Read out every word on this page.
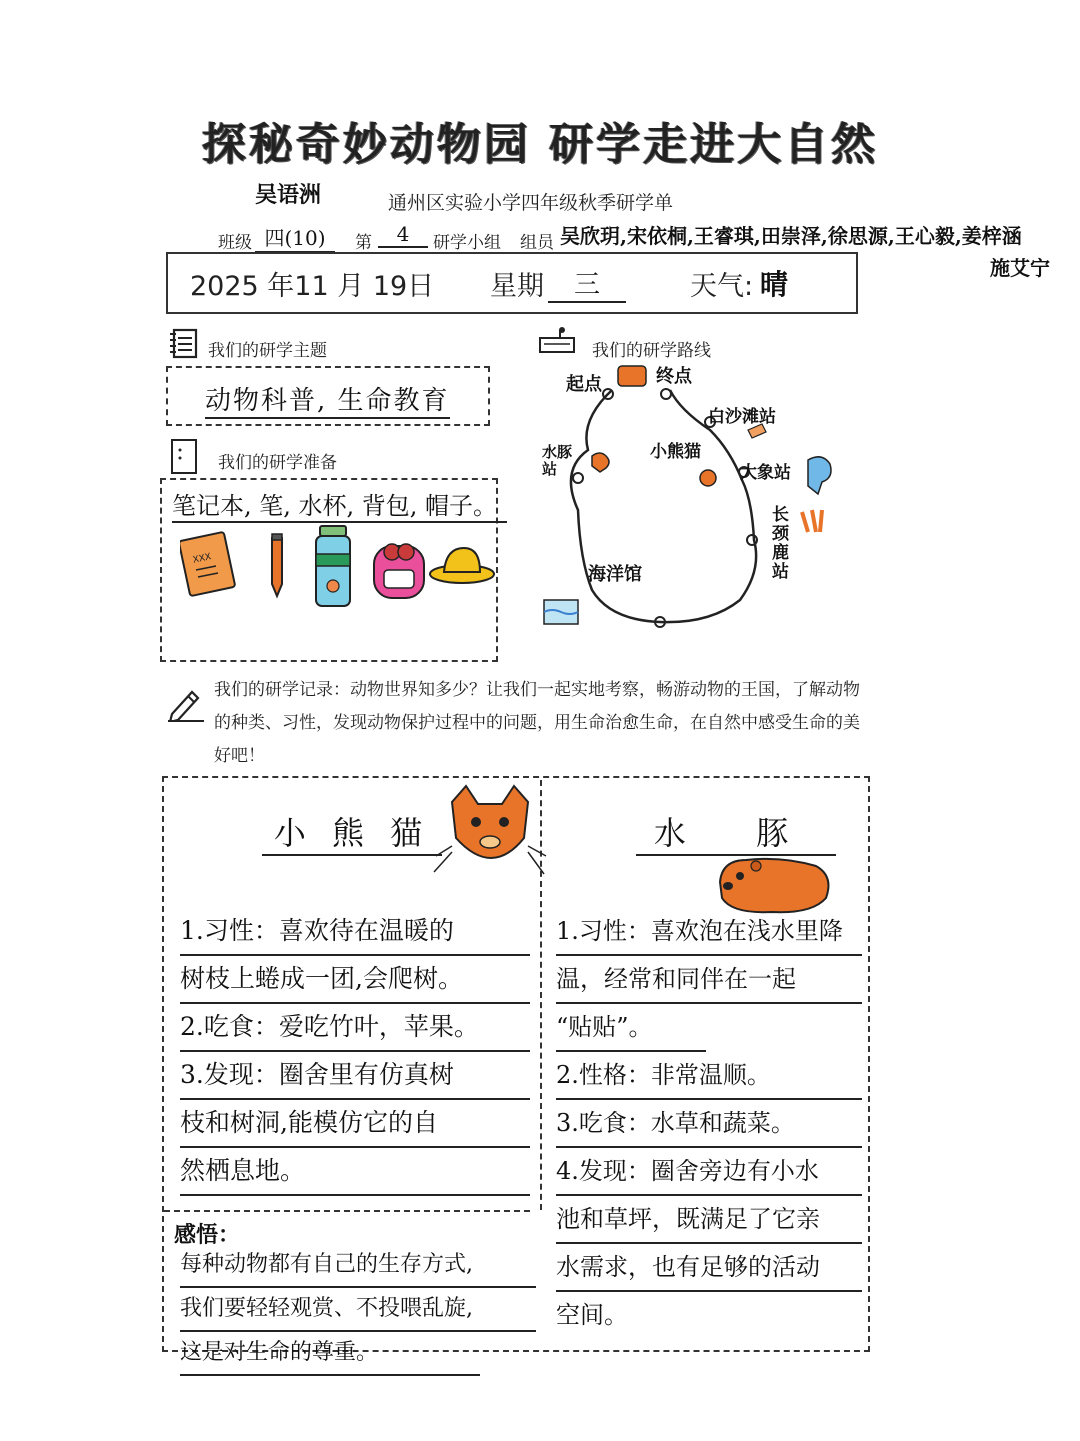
探秘奇妙动物园 研学走进大自然
吴语洲	通州区实验小学四年级秋季研学单
班级 四(10)	第	4	研学小组 组员 吴欣玥,宋依桐,王睿琪,田崇泽,徐思源,王心毅,姜梓涵
施艾宁
2025 年11 月 19日 星期	三	天气: 晴
我们的研学主题
动物科普, 生命教育
我们的研学准备
笔记本, 笔, 水杯, 背包, 帽子。
XXX
我们的研学路线
起点	终点
白沙滩站
小熊猫
大象站
长颈鹿站
水豚站
海洋馆
我们的研学记录：动物世界知多少？让我们一起实地考察，畅游动物的王国，了解动物的种类、习性，发现动物保护过程中的问题，用生命治愈生命，在自然中感受生命的美好吧！
小 熊 猫
1.习性：喜欢待在温暖的
树枝上蜷成一团,会爬树。
2.吃食：爱吃竹叶，苹果。
3.发现：圈舍里有仿真树
枝和树洞,能模仿它的自
然栖息地。
水 豚
1.习性：喜欢泡在浅水里降
温，经常和同伴在一起
“贴贴”。
2.性格：非常温顺。
3.吃食：水草和蔬菜。
4.发现：圈舍旁边有小水
池和草坪，既满足了它亲
水需求，也有足够的活动
空间。
感悟：
每种动物都有自己的生存方式,
我们要轻轻观赏、不投喂乱旋,
这是对生命的尊重。
